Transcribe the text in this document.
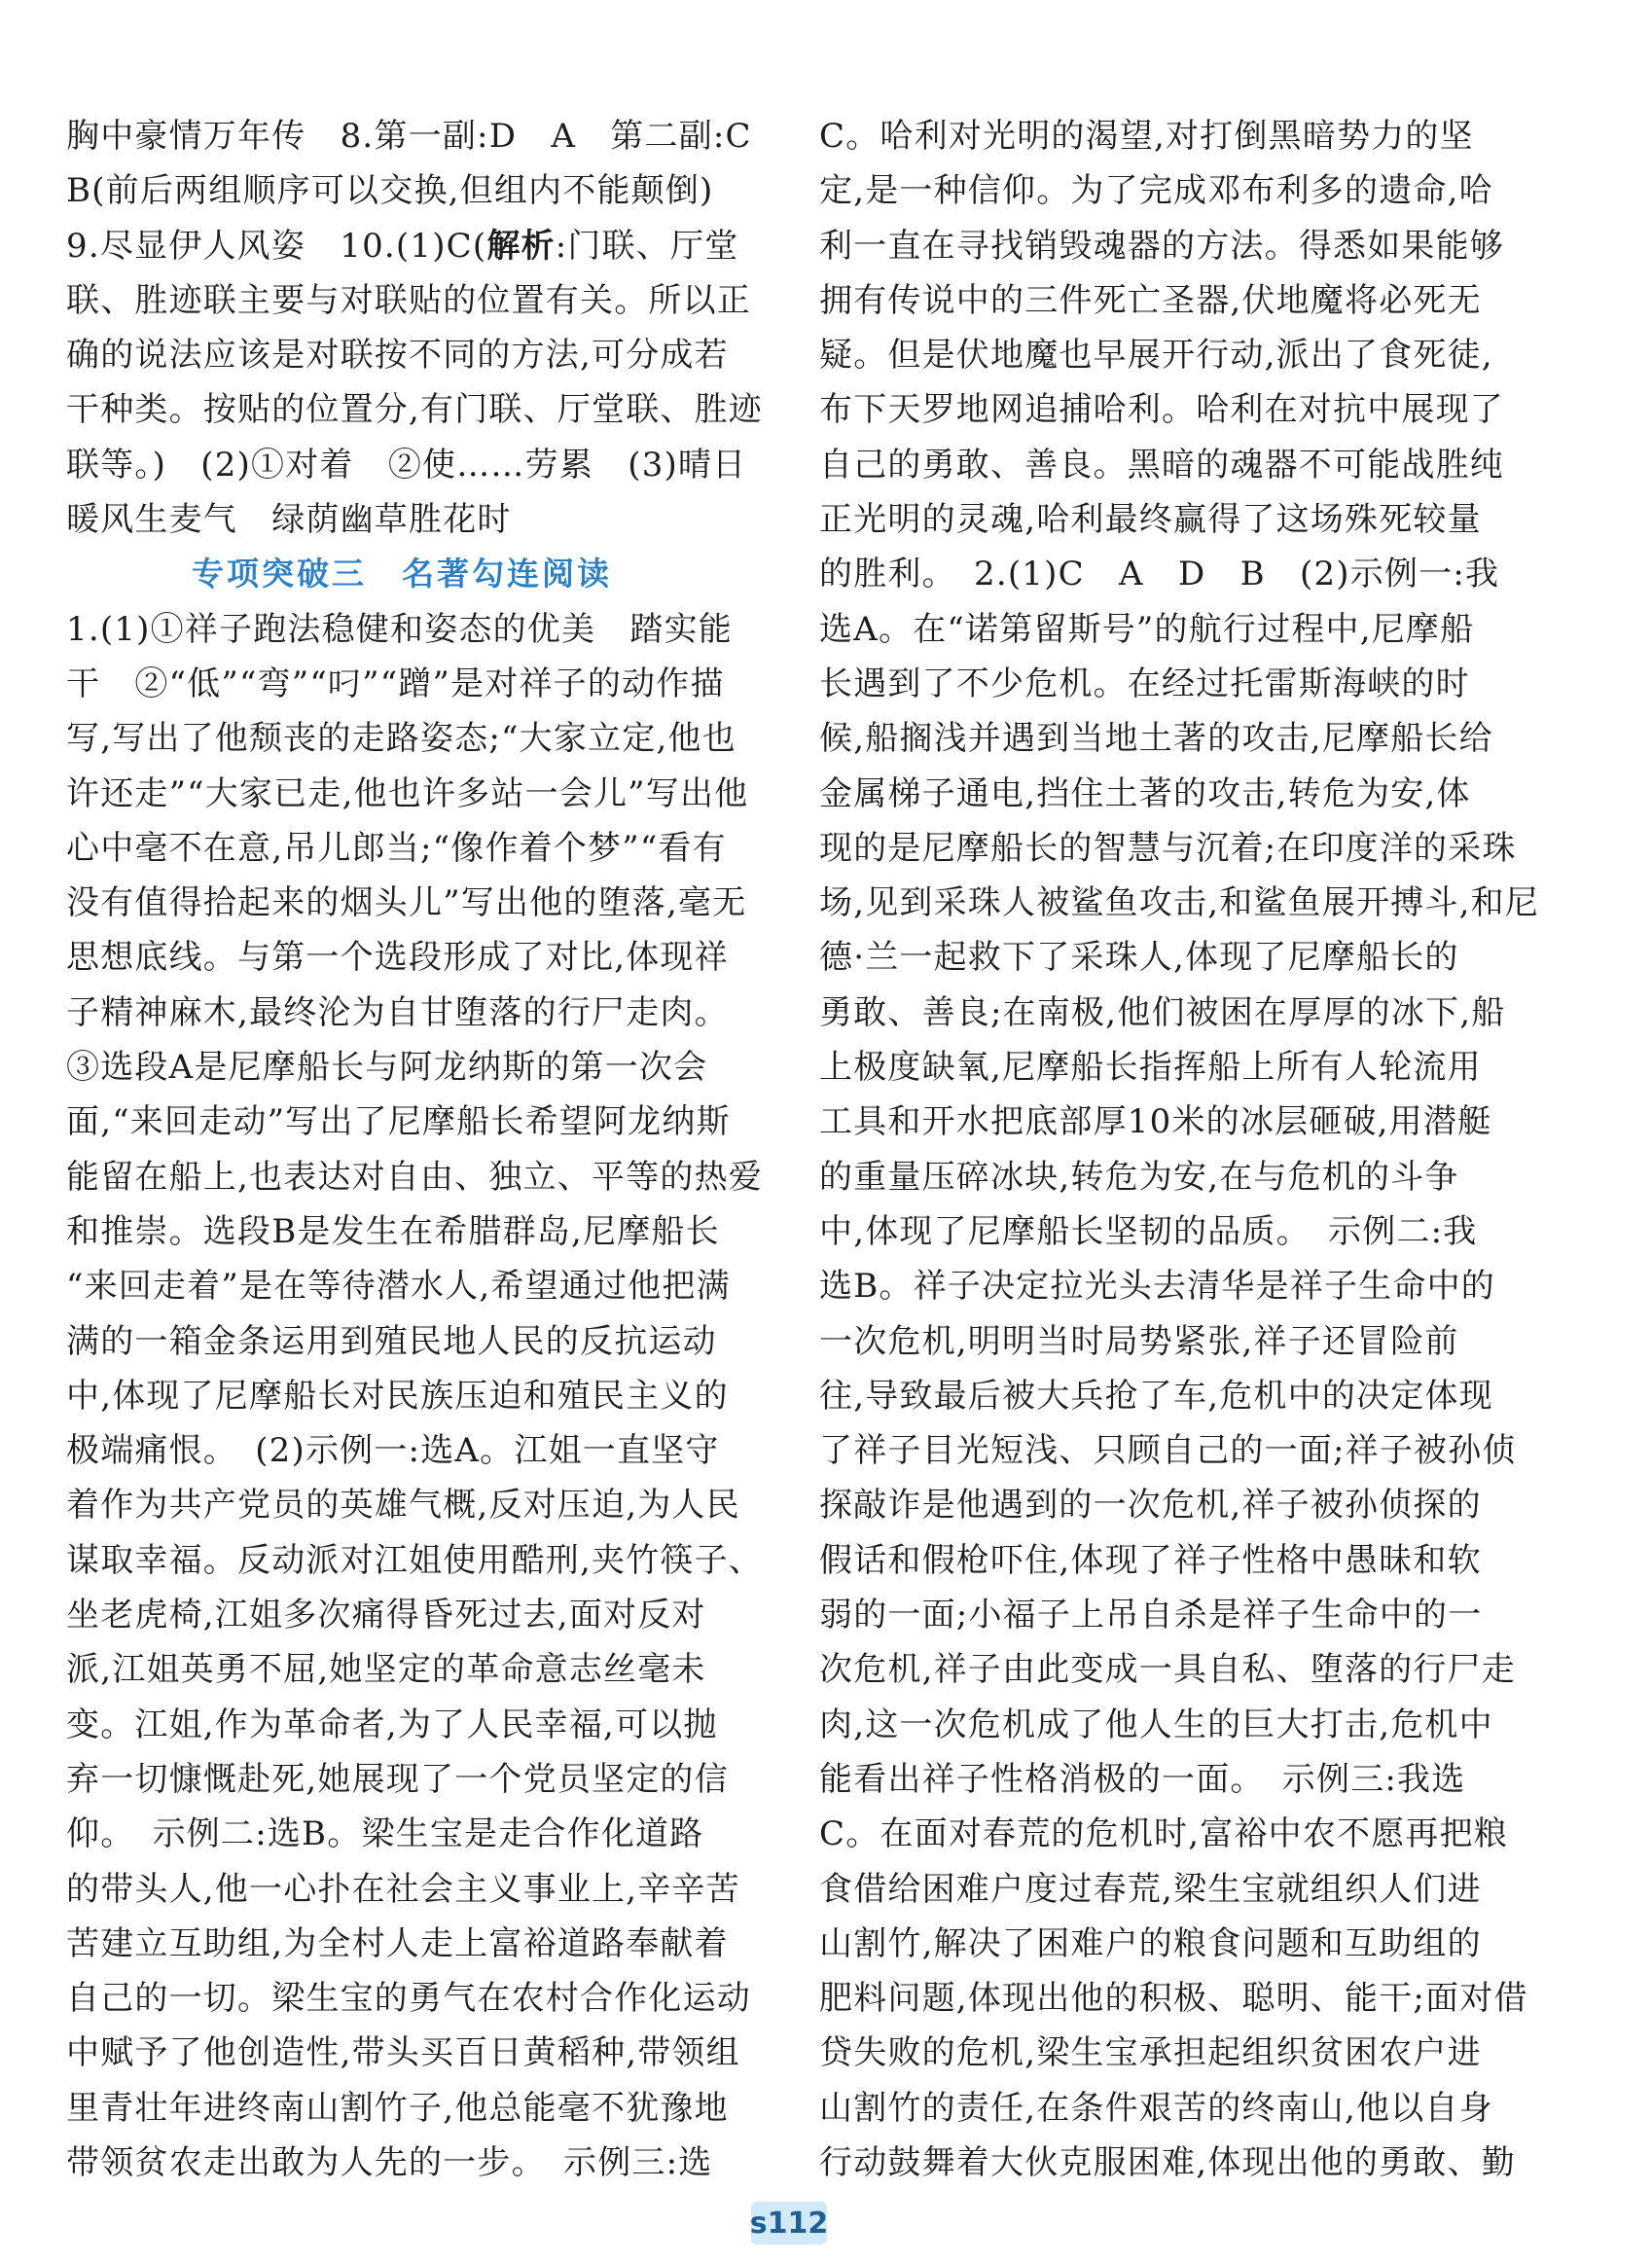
胸中豪情万年传　8.第一副:D　A　第二副:C
B(前后两组顺序可以交换,但组内不能颠倒)
9.尽显伊人风姿　10.(1)C(解析:门联、厅堂
联、胜迹联主要与对联贴的位置有关。所以正
确的说法应该是对联按不同的方法,可分成若
干种类。按贴的位置分,有门联、厅堂联、胜迹
联等。)　(2)①对着　②使……劳累　(3)晴日
暖风生麦气　绿荫幽草胜花时
专项突破三　名著勾连阅读
1.(1)①祥子跑法稳健和姿态的优美　踏实能
干　②“低”“弯”“叼”“蹭”是对祥子的动作描
写,写出了他颓丧的走路姿态;“大家立定,他也
许还走”“大家已走,他也许多站一会儿”写出他
心中毫不在意,吊儿郎当;“像作着个梦”“看有
没有值得拾起来的烟头儿”写出他的堕落,毫无
思想底线。与第一个选段形成了对比,体现祥
子精神麻木,最终沦为自甘堕落的行尸走肉。
③选段A是尼摩船长与阿龙纳斯的第一次会
面,“来回走动”写出了尼摩船长希望阿龙纳斯
能留在船上,也表达对自由、独立、平等的热爱
和推崇。选段B是发生在希腊群岛,尼摩船长
“来回走着”是在等待潜水人,希望通过他把满
满的一箱金条运用到殖民地人民的反抗运动
中,体现了尼摩船长对民族压迫和殖民主义的
极端痛恨。　(2)示例一:选A。江姐一直坚守
着作为共产党员的英雄气概,反对压迫,为人民
谋取幸福。反动派对江姐使用酷刑,夹竹筷子、
坐老虎椅,江姐多次痛得昏死过去,面对反对
派,江姐英勇不屈,她坚定的革命意志丝毫未
变。江姐,作为革命者,为了人民幸福,可以抛
弃一切慷慨赴死,她展现了一个党员坚定的信
仰。　示例二:选B。梁生宝是走合作化道路
的带头人,他一心扑在社会主义事业上,辛辛苦
苦建立互助组,为全村人走上富裕道路奉献着
自己的一切。梁生宝的勇气在农村合作化运动
中赋予了他创造性,带头买百日黄稻种,带领组
里青壮年进终南山割竹子,他总能毫不犹豫地
带领贫农走出敢为人先的一步。　示例三:选
C。哈利对光明的渴望,对打倒黑暗势力的坚
定,是一种信仰。为了完成邓布利多的遗命,哈
利一直在寻找销毁魂器的方法。得悉如果能够
拥有传说中的三件死亡圣器,伏地魔将必死无
疑。但是伏地魔也早展开行动,派出了食死徒,
布下天罗地网追捕哈利。哈利在对抗中展现了
自己的勇敢、善良。黑暗的魂器不可能战胜纯
正光明的灵魂,哈利最终赢得了这场殊死较量
的胜利。　2.(1)C　A　D　B　(2)示例一:我
选A。在“诺第留斯号”的航行过程中,尼摩船
长遇到了不少危机。在经过托雷斯海峡的时
候,船搁浅并遇到当地土著的攻击,尼摩船长给
金属梯子通电,挡住土著的攻击,转危为安,体
现的是尼摩船长的智慧与沉着;在印度洋的采珠
场,见到采珠人被鲨鱼攻击,和鲨鱼展开搏斗,和尼
德·兰一起救下了采珠人,体现了尼摩船长的
勇敢、善良;在南极,他们被困在厚厚的冰下,船
上极度缺氧,尼摩船长指挥船上所有人轮流用
工具和开水把底部厚10米的冰层砸破,用潜艇
的重量压碎冰块,转危为安,在与危机的斗争
中,体现了尼摩船长坚韧的品质。　示例二:我
选B。祥子决定拉光头去清华是祥子生命中的
一次危机,明明当时局势紧张,祥子还冒险前
往,导致最后被大兵抢了车,危机中的决定体现
了祥子目光短浅、只顾自己的一面;祥子被孙侦
探敲诈是他遇到的一次危机,祥子被孙侦探的
假话和假枪吓住,体现了祥子性格中愚昧和软
弱的一面;小福子上吊自杀是祥子生命中的一
次危机,祥子由此变成一具自私、堕落的行尸走
肉,这一次危机成了他人生的巨大打击,危机中
能看出祥子性格消极的一面。　示例三:我选
C。在面对春荒的危机时,富裕中农不愿再把粮
食借给困难户度过春荒,梁生宝就组织人们进
山割竹,解决了困难户的粮食问题和互助组的
肥料问题,体现出他的积极、聪明、能干;面对借
贷失败的危机,梁生宝承担起组织贫困农户进
山割竹的责任,在条件艰苦的终南山,他以自身
行动鼓舞着大伙克服困难,体现出他的勇敢、勤
s112
